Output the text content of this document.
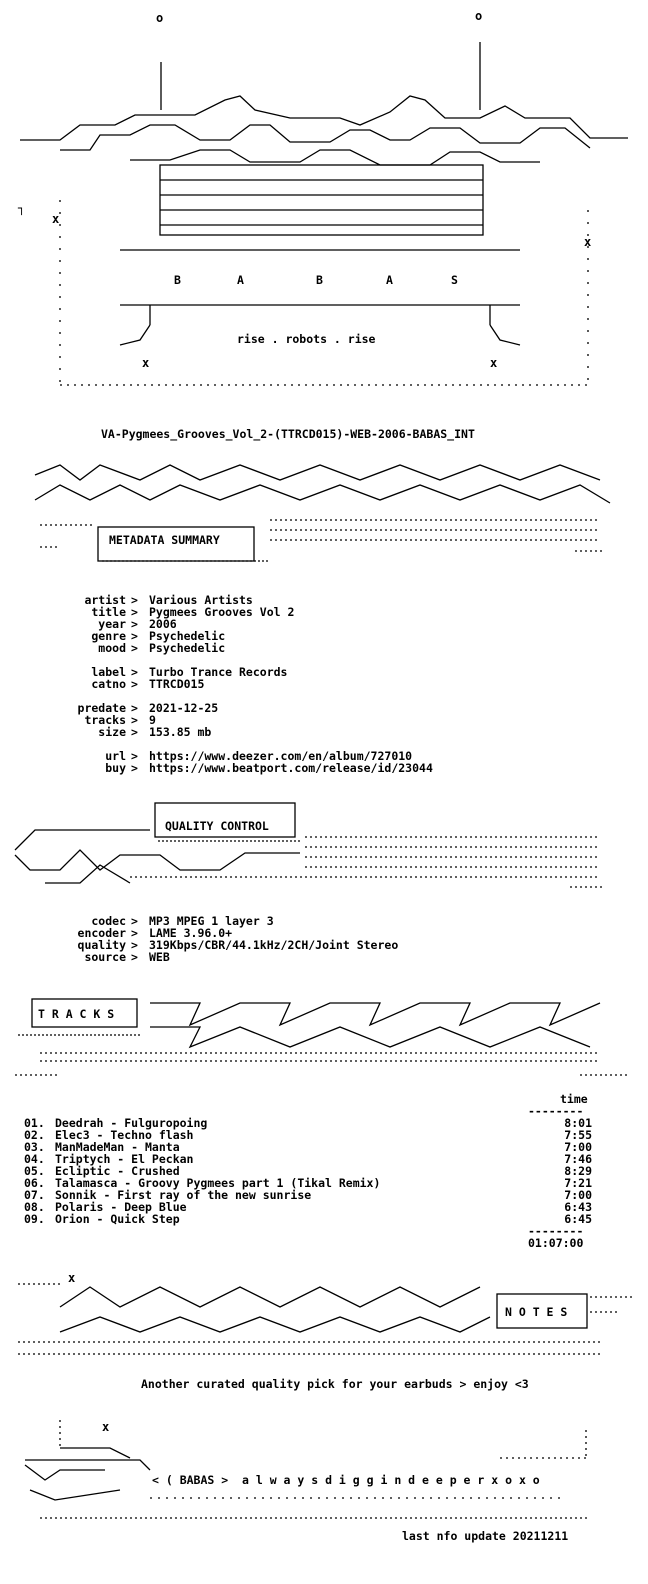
o	o
x
x
x	x
┐
B	A	B	A	S
rise . robots . rise
VA-Pygmees_Grooves_Vol_2-(TTRCD015)-WEB-2006-BABAS_INT
METADATA SUMMARY
artist > Various Artists
title > Pygmees Grooves Vol 2
year > 2006
genre > Psychedelic
mood > Psychedelic
label > Turbo Trance Records
catno > TTRCD015
predate > 2021-12-25
tracks > 9
size > 153.85 mb
url > https://www.deezer.com/en/album/727010
buy > https://www.beatport.com/release/id/23044
QUALITY CONTROL
codec > MP3 MPEG 1 layer 3
encoder > LAME 3.96.0+
quality > 319Kbps/CBR/44.1kHz/2CH/Joint Stereo
source > WEB
T R A C K S
time
--------
01. Deedrah - Fulguropoing	8:01
02. Elec3 - Techno flash	7:55
03. ManMadeMan - Manta	7:00
04. Triptych - El Peckan	7:46
05. Ecliptic - Crushed	8:29
06. Talamasca - Groovy Pygmees part 1 (Tikal Remix)	7:21
07. Sonnik - First ray of the new sunrise	7:00
08. Polaris - Deep Blue	6:43
09. Orion - Quick Step	6:45
--------
01:07:00
x
N O T E S
Another curated quality pick for your earbuds > enjoy <3
x
< ( BABAS > a l w a y s d i g g i n d e e p e r x o x o
last nfo update 20211211
